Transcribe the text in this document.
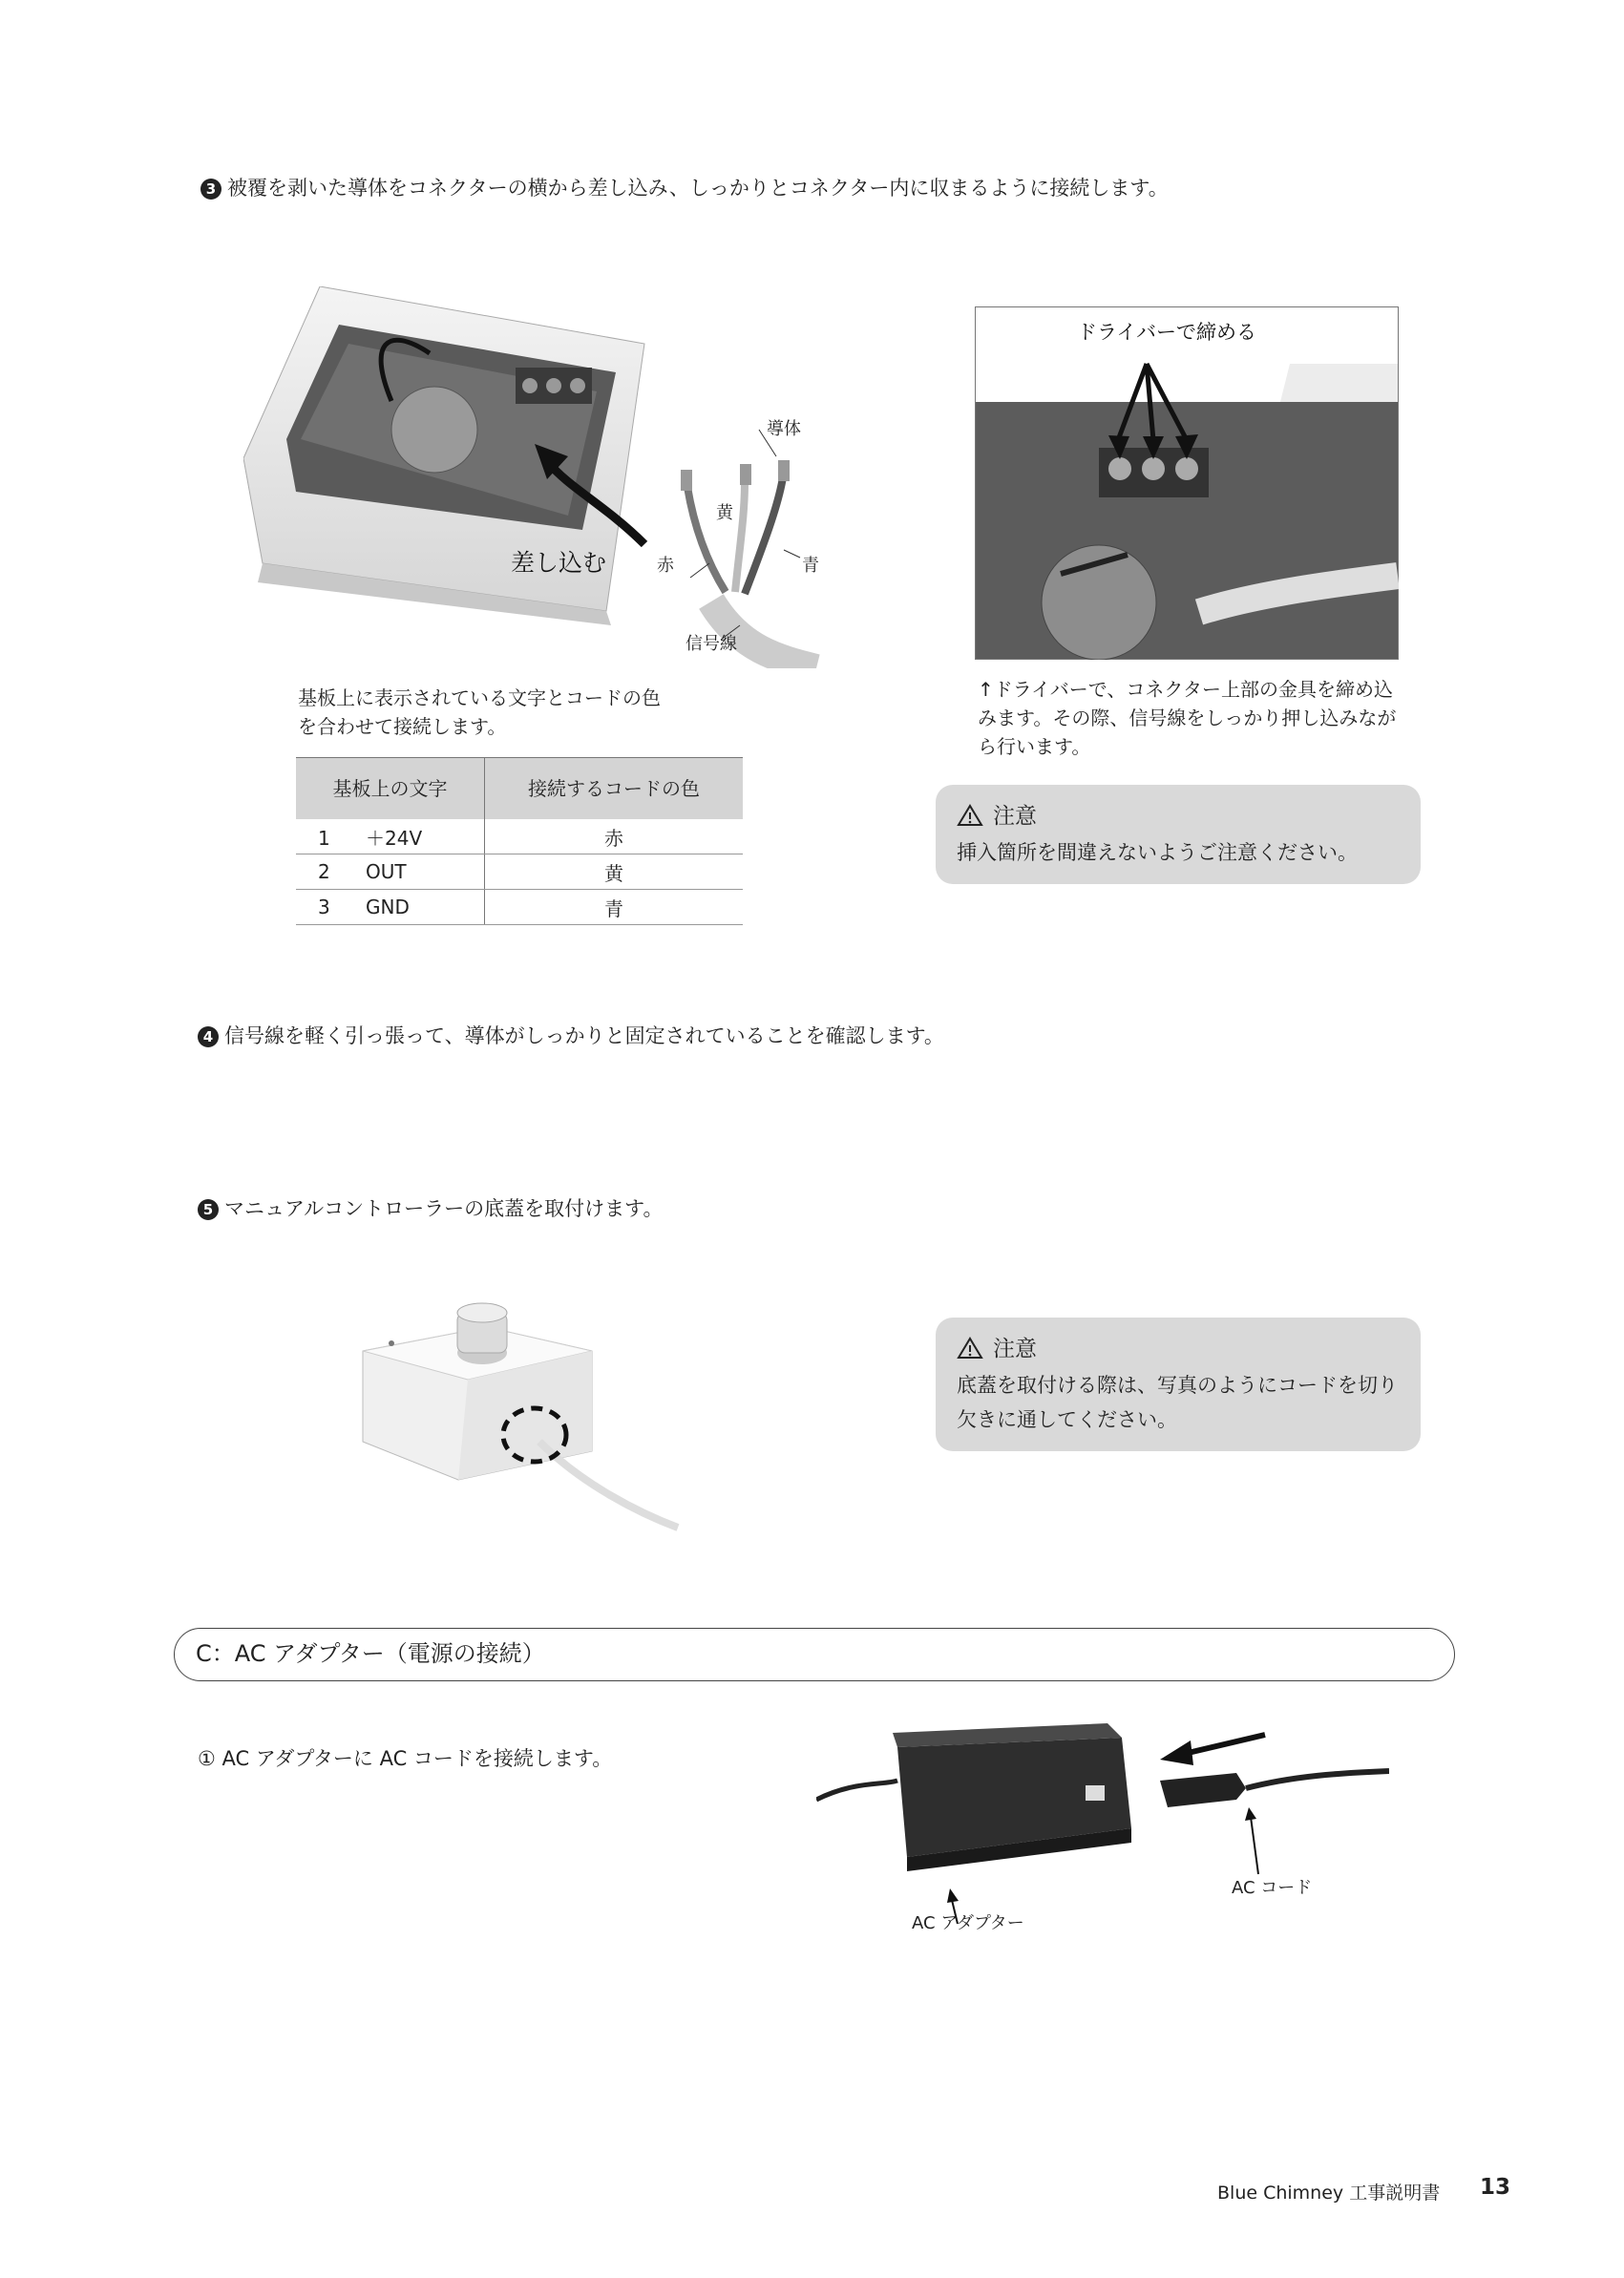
3 被覆を剥いた導体をコネクターの横から差し込み、しっかりとコネクター内に収まるように接続します。
差し込む
導体
黄
赤	青
信号線
ドライバーで締める
基板上に表示されている文字とコードの色を合わせて接続します。
↑ドライバーで、コネクター上部の金具を締め込みます。その際、信号線をしっかり押し込みながら行います。
基板上の文字	接続するコードの色
1 ＋24V	赤
2 OUT	黄
3 GND	青
注意
挿入箇所を間違えないようご注意ください。
4 信号線を軽く引っ張って、導体がしっかりと固定されていることを確認します。
5 マニュアルコントローラーの底蓋を取付けます。
注意
底蓋を取付ける際は、写真のようにコードを切り欠きに通してください。
C：AC アダプター（電源の接続）
① AC アダプターに AC コードを接続します。
AC アダプター
AC コード
Blue Chimney 工事説明書 13
